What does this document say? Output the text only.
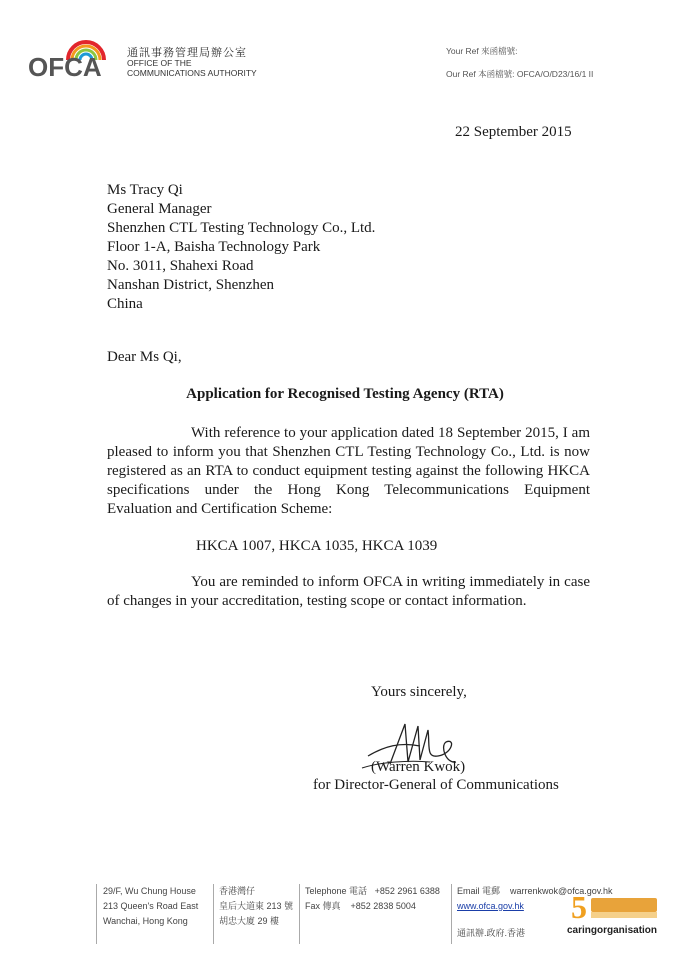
OFCA 通訊事務管理局辦公室
OFFICE OF THE
COMMUNICATIONS AUTHORITY
Your Ref 來函檔號:
Our Ref 本函檔號: OFCA/O/D23/16/1 II
22 September 2015
Ms Tracy Qi
General Manager
Shenzhen CTL Testing Technology Co., Ltd.
Floor 1-A, Baisha Technology Park
No. 3011, Shahexi Road
Nanshan District, Shenzhen
China
Dear Ms Qi,
Application for Recognised Testing Agency (RTA)
With reference to your application dated 18 September 2015, I am pleased to inform you that Shenzhen CTL Testing Technology Co., Ltd. is now registered as an RTA to conduct equipment testing against the following HKCA specifications under the Hong Kong Telecommunications Equipment Evaluation and Certification Scheme:
HKCA 1007, HKCA 1035, HKCA 1039
You are reminded to inform OFCA in writing immediately in case of changes in your accreditation, testing scope or contact information.
Yours sincerely,
(Warren Kwok)
for Director-General of Communications
29/F, Wu Chung House
213 Queen's Road East
Wanchai, Hong Kong
香港灣仔
皇后大道東 213 號
胡忠大廈 29 樓
Telephone 電話 +852 2961 6388
Fax 傳真 +852 2838 5004
Email 電郵 warrenkwok@ofca.gov.hk
www.ofca.gov.hk
通訊辦.政府.香港
5
caringorganisation
